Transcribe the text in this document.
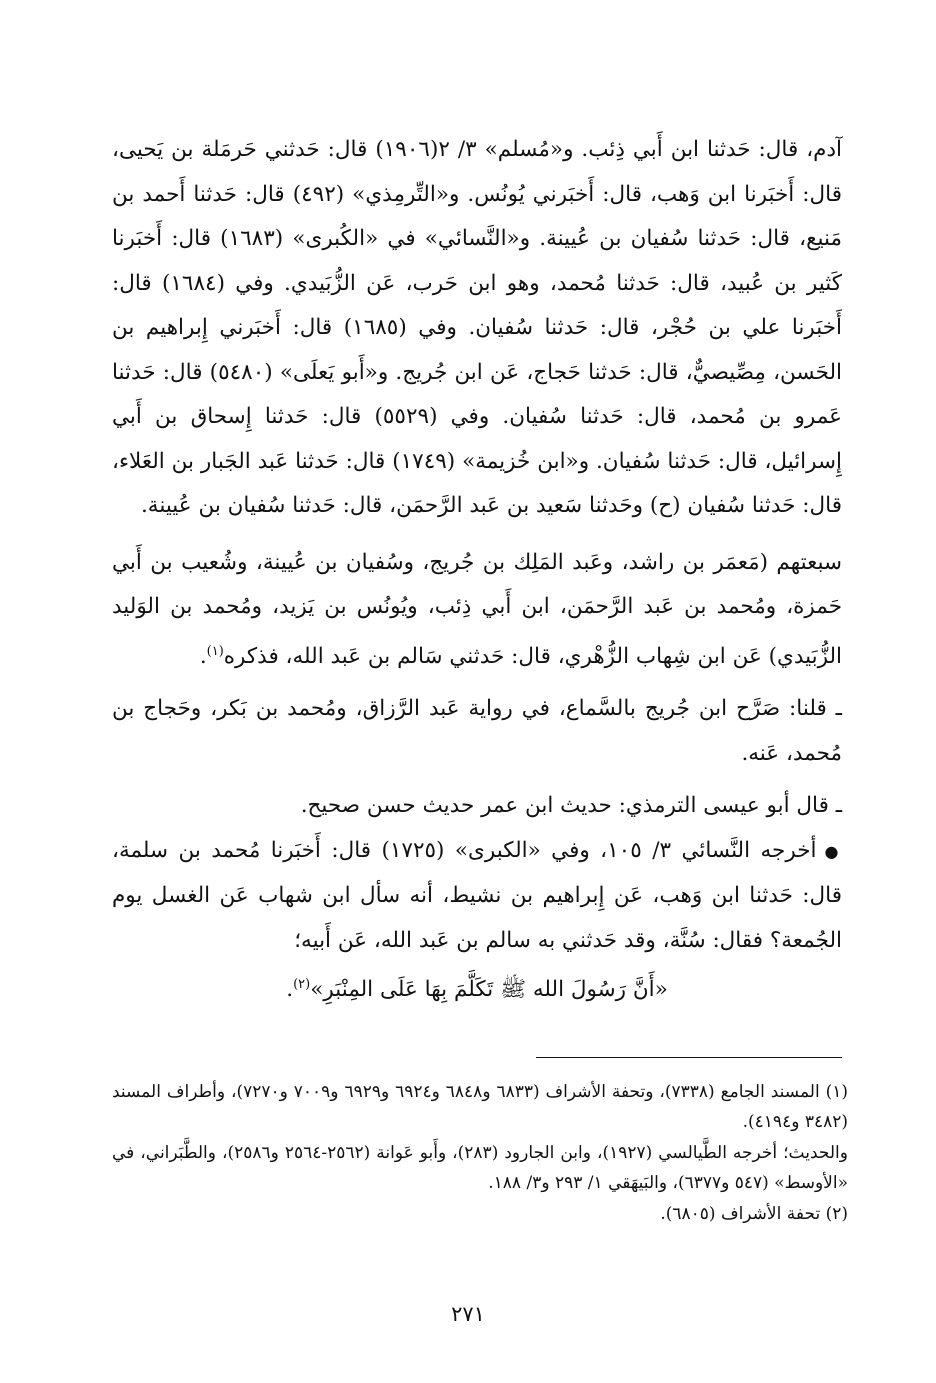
آدم، قال: حَدثنا ابن أَبي ذِئب. و«مُسلم» ٣/ ٢(١٩٠٦) قال: حَدثني حَرمَلة بن يَحيى، قال: أَخبَرنا ابن وَهب، قال: أَخبَرني يُونُس. و«التِّرمِذي» (٤٩٢) قال: حَدثنا أَحمد بن مَنيع، قال: حَدثنا سُفيان بن عُيينة. و«النَّسائي» في «الكُبرى» (١٦٨٣) قال: أَخبَرنا كَثير بن عُبيد، قال: حَدثنا مُحمد، وهو ابن حَرب، عَن الزُّبَيدي. وفي (١٦٨٤) قال: أَخبَرنا علي بن حُجْر، قال: حَدثنا سُفيان. وفي (١٦٨٥) قال: أَخبَرني إِبراهيم بن الحَسن، مِصِّيصيٌّ، قال: حَدثنا حَجاج، عَن ابن جُريج. و«أَبو يَعلَى» (٥٤٨٠) قال: حَدثنا عَمرو بن مُحمد، قال: حَدثنا سُفيان. وفي (٥٥٢٩) قال: حَدثنا إِسحاق بن أَبي إِسرائيل، قال: حَدثنا سُفيان. و«ابن خُزيمة» (١٧٤٩) قال: حَدثنا عَبد الجَبار بن العَلاء، قال: حَدثنا سُفيان (ح) وحَدثنا سَعيد بن عَبد الرَّحمَن، قال: حَدثنا سُفيان بن عُيينة.

سبعتهم (مَعمَر بن راشد، وعَبد المَلِك بن جُريج، وسُفيان بن عُيينة، وشُعيب بن أَبي حَمزة، ومُحمد بن عَبد الرَّحمَن، ابن أَبي ذِئب، ويُونُس بن يَزيد، ومُحمد بن الوَليد الزُّبَيدي) عَن ابن شِهاب الزُّهْري، قال: حَدثني سَالم بن عَبد الله، فذكره$^{(١)}$.

ـ قلنا: صَرَّح ابن جُريج بالسَّماع، في رواية عَبد الرَّزاق، ومُحمد بن بَكر، وحَجاج بن مُحمد، عَنه.

ـ قال أبو عيسى الترمذي: حديث ابن عمر حديث حسن صحيح.

●أخرجه النَّسائي ٣/ ١٠٥، وفي «الكبرى» (١٧٢٥) قال: أَخبَرنا مُحمد بن سلمة، قال: حَدثنا ابن وَهب، عَن إِبراهيم بن نشيط، أنه سأل ابن شهاب عَن الغسل يوم الجُمعة؟ فقال: سُنَّة، وقد حَدثني به سالم بن عَبد الله، عَن أَبيه؛

«أَنَّ رَسُولَ الله ﷺ تَكَلَّمَ بِهَا عَلَى المِنْبَرِ»$^{(٢)}$.

(١) المسند الجامع (٧٣٣٨)، وتحفة الأشراف (٦٨٣٣ و٦٨٤٨ و٦٩٢٤ و٦٩٢٩ و٧٠٠٩ و٧٢٧٠)، وأطراف المسند (٣٤٨٢ و٤١٩٤).

والحديث؛ أخرجه الطَّيالسي (١٩٢٧)، وابن الجارود (٢٨٣)، وأَبو عَوانة (٢٥٦٢-٢٥٦٤ و٢٥٨٦)، والطَّبَراني، في «الأوسط» (٥٤٧ و٦٣٧٧)، والبَيهَقي ١/ ٢٩٣ و٣/ ١٨٨.

(٢) تحفة الأشراف (٦٨٠٥).

٢٧١
